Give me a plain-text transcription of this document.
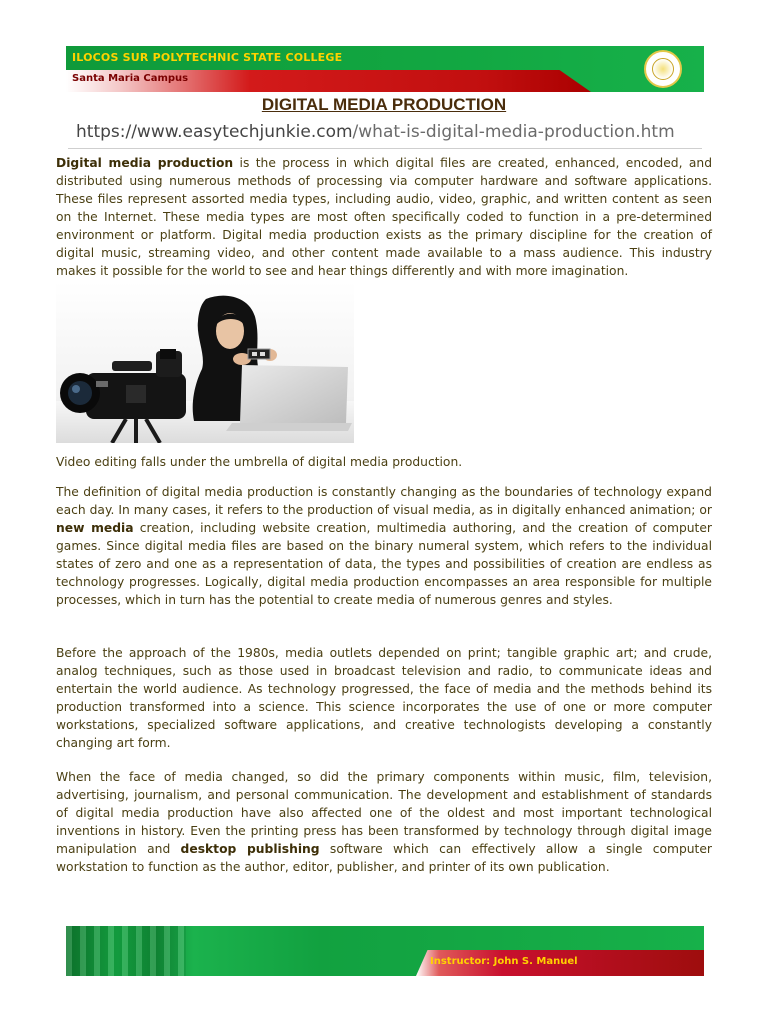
ILOCOS SUR POLYTECHNIC STATE COLLEGE
Santa Maria Campus
DIGITAL MEDIA PRODUCTION
https://www.easytechjunkie.com/what-is-digital-media-production.htm

Digital media production is the process in which digital files are created, enhanced, encoded, and distributed using numerous methods of processing via computer hardware and software applications. These files represent assorted media types, including audio, video, graphic, and written content as seen on the Internet. These media types are most often specifically coded to function in a pre-determined environment or platform. Digital media production exists as the primary discipline for the creation of digital music, streaming video, and other content made available to a mass audience. This industry makes it possible for the world to see and hear things differently and with more imagination.

Video editing falls under the umbrella of digital media production.

The definition of digital media production is constantly changing as the boundaries of technology expand each day. In many cases, it refers to the production of visual media, as in digitally enhanced animation; or new media creation, including website creation, multimedia authoring, and the creation of computer games. Since digital media files are based on the binary numeral system, which refers to the individual states of zero and one as a representation of data, the types and possibilities of creation are endless as technology progresses. Logically, digital media production encompasses an area responsible for multiple processes, which in turn has the potential to create media of numerous genres and styles.

Before the approach of the 1980s, media outlets depended on print; tangible graphic art; and crude, analog techniques, such as those used in broadcast television and radio, to communicate ideas and entertain the world audience. As technology progressed, the face of media and the methods behind its production transformed into a science. This science incorporates the use of one or more computer workstations, specialized software applications, and creative technologists developing a constantly changing art form.

When the face of media changed, so did the primary components within music, film, television, advertising, journalism, and personal communication. The development and establishment of standards of digital media production have also affected one of the oldest and most important technological inventions in history. Even the printing press has been transformed by technology through digital image manipulation and desktop publishing software which can effectively allow a single computer workstation to function as the author, editor, publisher, and printer of its own publication.

Instructor: John S. Manuel
